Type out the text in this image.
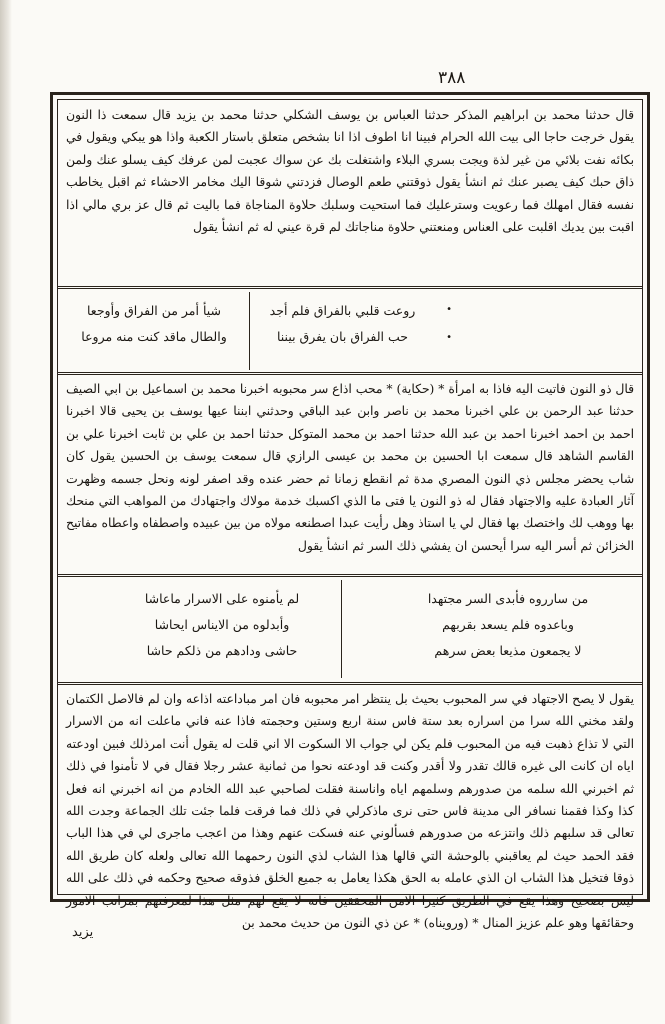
٣٨٨

قال حدثنا محمد بن ابراهيم المذكر حدثنا العباس بن يوسف الشكلي حدثنا محمد بن يزيد قال سمعت ذا النون يقول خرجت حاجا الى بيت الله الحرام فبينا انا اطوف اذا انا بشخص متعلق باستار الكعبة واذا هو يبكي ويقول في بكائه نفت بلائي من غير لذة ويجت بسري البلاء واشتغلت بك عن سواك عجبت لمن عرفك كيف يسلو عنك ولمن ذاق حبك كيف يصبر عنك ثم انشأ يقول ذوقتني طعم الوصال فزدتني شوقا اليك مخامر الاحشاء ثم اقبل يخاطب نفسه فقال امهلك فما رعويت وسترعليك فما استحيت وسلبك حلاوة المناجاة فما باليت ثم قال عز بري مالي اذا اقبت بين يديك اقلبت على العناس ومنعتني حلاوة مناجاتك لم قرة عيني له ثم انشأ يقول

•
•
روعت قلبي بالفراق فلم أجد
حب الفراق بان يفرق بيننا
شيأ أمر من الفراق وأوجعا
والطال ماقد كنت منه مروعا

قال ذو النون فاتيت اليه فاذا به امرأة * (حكاية) * محب اذاع سر محبوبه اخبرنا محمد بن اسماعيل بن ابي الصيف حدثنا عبد الرحمن بن علي اخبرنا محمد بن ناصر وابن عبد الباقي وحدثني ابننا عيها يوسف بن يحيى قالا اخبرنا احمد بن احمد اخبرنا احمد بن عبد الله حدثنا احمد بن محمد المتوكل حدثنا احمد بن علي بن ثابت اخبرنا علي بن القاسم الشاهد قال سمعت ابا الحسين بن محمد بن عيسى الرازي قال سمعت يوسف بن الحسين يقول كان شاب يحضر مجلس ذي النون المصري مدة ثم انقطع زمانا ثم حضر عنده وقد اصفر لونه ونحل جسمه وظهرت آثار العبادة عليه والاجتهاد فقال له ذو النون يا فتى ما الذي اكسبك خدمة مولاك واجتهادك من المواهب التي منحك بها ووهب لك واختصك بها فقال لي يا استاذ وهل رأيت عبدا اصطنعه مولاه من بين عبيده واصطفاه واعطاه مفاتيح الخزائن ثم أسر اليه سرا أيحسن ان يفشي ذلك السر ثم انشأ يقول

من سارروه فأبدى السر مجتهدا
وباعدوه فلم يسعد بقربهم
لا يجمعون مذيعا بعض سرهم
لم يأمنوه على الاسرار ماعاشا
وأبدلوه من الايناس ايحاشا
حاشى ودادهم من ذلكم حاشا

يقول لا يصح الاجتهاد في سر المحبوب بحيث بل ينتظر امر محبوبه فان امر مباداعته اذاعه وان لم فالاصل الكتمان ولقد مخني الله سرا من اسراره بعد ستة فاس سنة اربع وستين وحجمته فاذا عنه فاني ماعلت انه من الاسرار التي لا تذاع ذهبت فيه من المحبوب فلم يكن لي جواب الا السكوت الا اني قلت له يقول أنت امرذلك فبين اودعته اياه ان كانت الى غيره قالك تقدر ولا أقدر وكنت قد اودعته نحوا من ثمانية عشر رجلا فقال في لا تأمنوا في ذلك ثم اخبرني الله سلمه من صدورهم وسلمهم اياه واناسنة فقلت لصاحبي عبد الله الخادم من انه اخبرني انه فعل كذا وكذا فقمنا نسافر الى مدينة فاس حتى نرى ماذكرلي في ذلك فما فرقت فلما جئت تلك الجماعة وجدت الله تعالى قد سلبهم ذلك وانتزعه من صدورهم فسألوني عنه فسكت عنهم وهذا من اعجب ماجرى لي في هذا الباب فقد الحمد حيث لم يعاقبني بالوحشة التي قالها هذا الشاب لذي النون رحمهما الله تعالى ولعله كان طريق الله ذوقا فتخيل هذا الشاب ان الذي عامله به الحق هكذا يعامل به جميع الخلق فذوقه صحيح وحكمه في ذلك على الله ليس بصحيح وهذا يقع في الطريق كثيرا الامن المحققين فانه لا يقع لهم مثل هذا لمعرفتهم بمراتب الامور وحقائقها وهو علم عزيز المنال * (ورويناه) * عن ذي النون من حديث محمد بن

يزيد
